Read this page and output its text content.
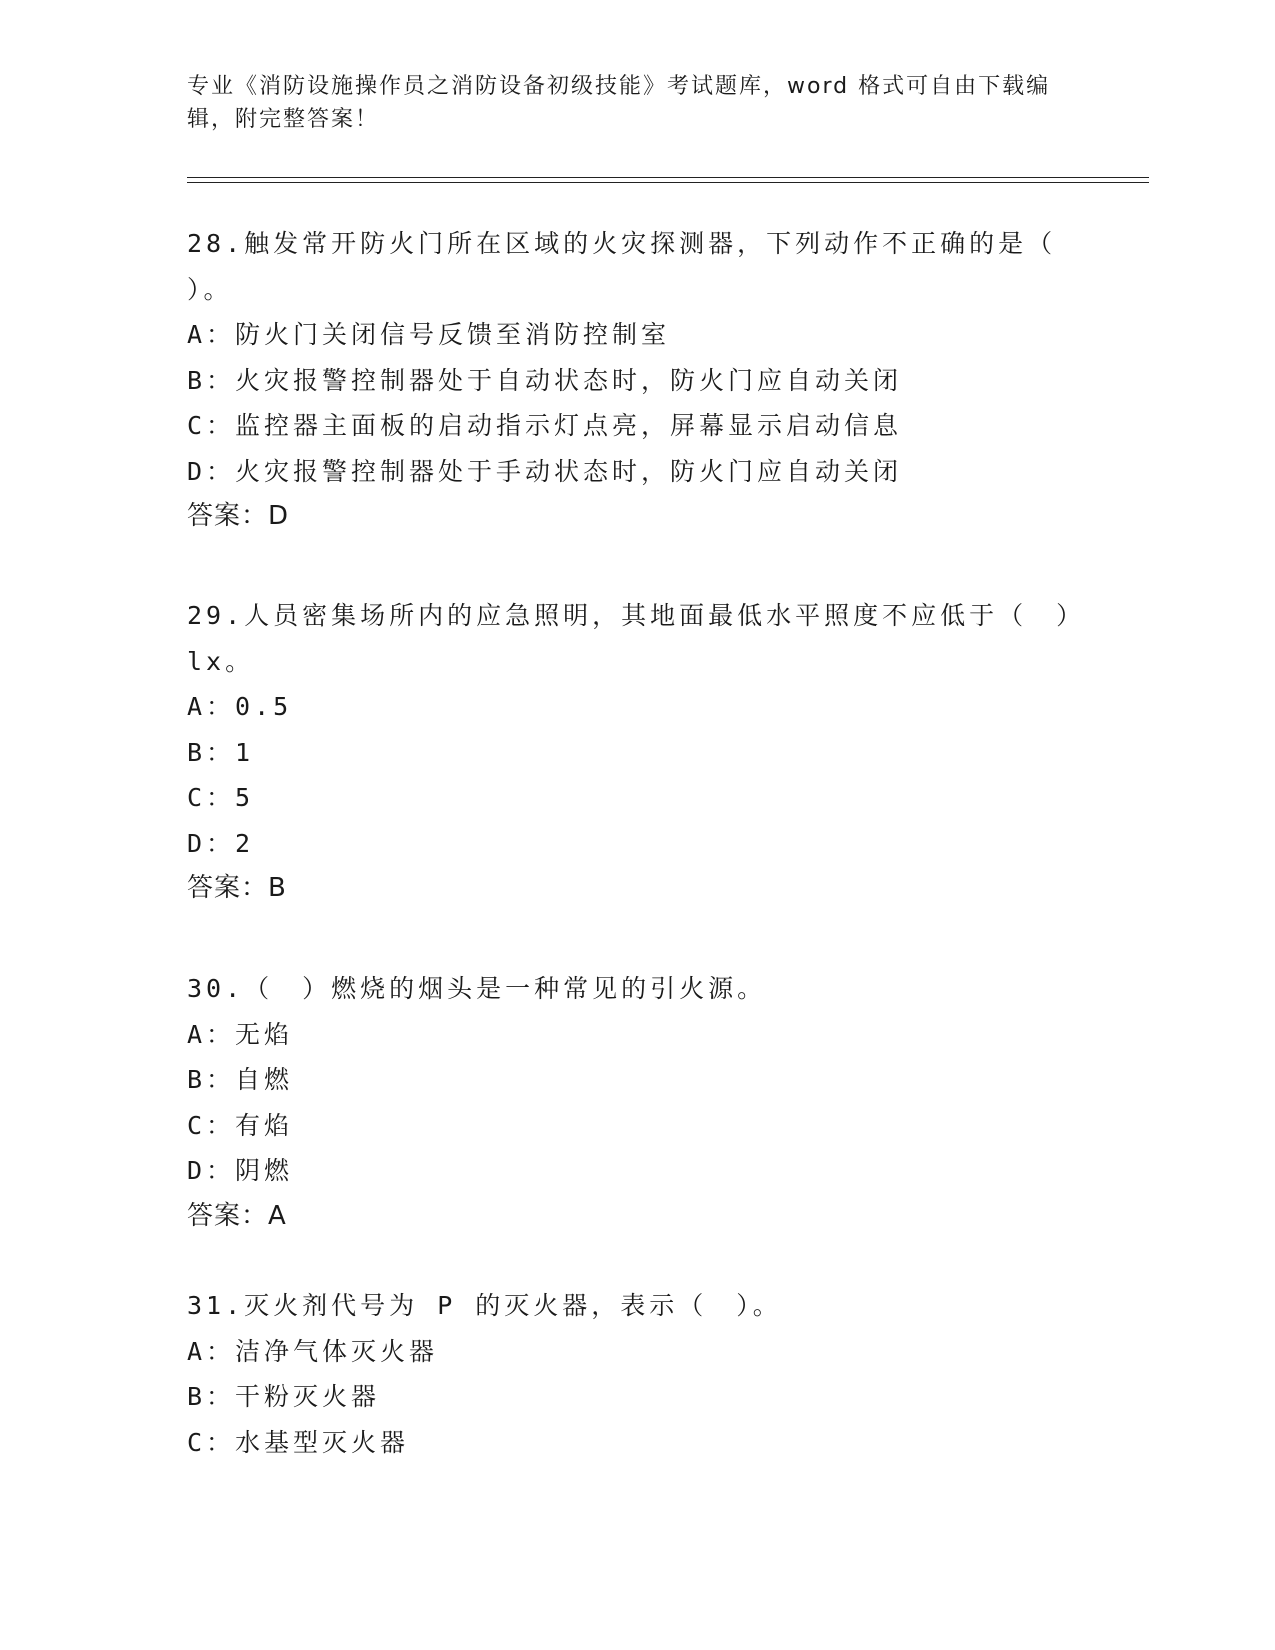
专业《消防设施操作员之消防设备初级技能》考试题库，word 格式可自由下载编
辑，附完整答案！
28.触发常开防火门所在区域的火灾探测器，下列动作不正确的是（
）。
A：防火门关闭信号反馈至消防控制室
B：火灾报警控制器处于自动状态时，防火门应自动关闭
C：监控器主面板的启动指示灯点亮，屏幕显示启动信息
D：火灾报警控制器处于手动状态时，防火门应自动关闭
答案：D
29.人员密集场所内的应急照明，其地面最低水平照度不应低于（　）
lx。
A：0.5
B：1
C：5
D：2
答案：B
30.（　）燃烧的烟头是一种常见的引火源。
A：无焰
B：自燃
C：有焰
D：阴燃
答案：A
31.灭火剂代号为 P 的灭火器，表示（　）。
A：洁净气体灭火器
B：干粉灭火器
C：水基型灭火器
